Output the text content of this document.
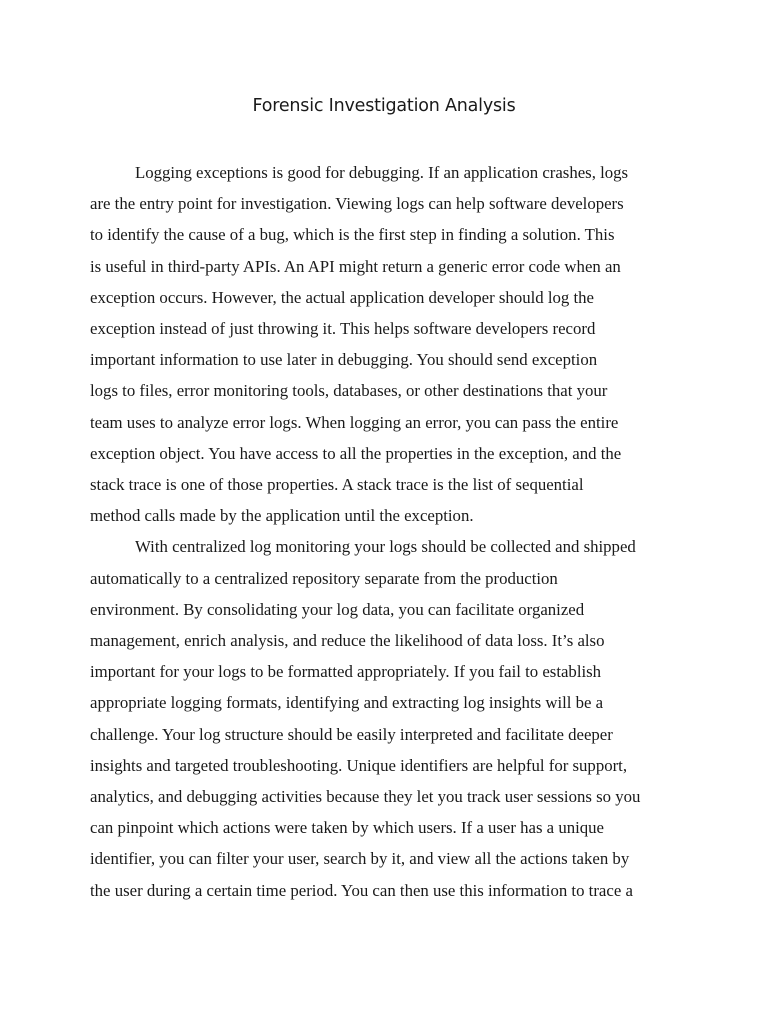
Forensic Investigation Analysis
Logging exceptions is good for debugging. If an application crashes, logs
are the entry point for investigation. Viewing logs can help software developers
to identify the cause of a bug, which is the first step in finding a solution. This
is useful in third-party APIs. An API might return a generic error code when an
exception occurs. However, the actual application developer should log the
exception instead of just throwing it. This helps software developers record
important information to use later in debugging. You should send exception
logs to files, error monitoring tools, databases, or other destinations that your
team uses to analyze error logs. When logging an error, you can pass the entire
exception object. You have access to all the properties in the exception, and the
stack trace is one of those properties. A stack trace is the list of sequential
method calls made by the application until the exception.
With centralized log monitoring your logs should be collected and shipped
automatically to a centralized repository separate from the production
environment. By consolidating your log data, you can facilitate organized
management, enrich analysis, and reduce the likelihood of data loss. It’s also
important for your logs to be formatted appropriately. If you fail to establish
appropriate logging formats, identifying and extracting log insights will be a
challenge. Your log structure should be easily interpreted and facilitate deeper
insights and targeted troubleshooting. Unique identifiers are helpful for support,
analytics, and debugging activities because they let you track user sessions so you
can pinpoint which actions were taken by which users. If a user has a unique
identifier, you can filter your user, search by it, and view all the actions taken by
the user during a certain time period. You can then use this information to trace a
